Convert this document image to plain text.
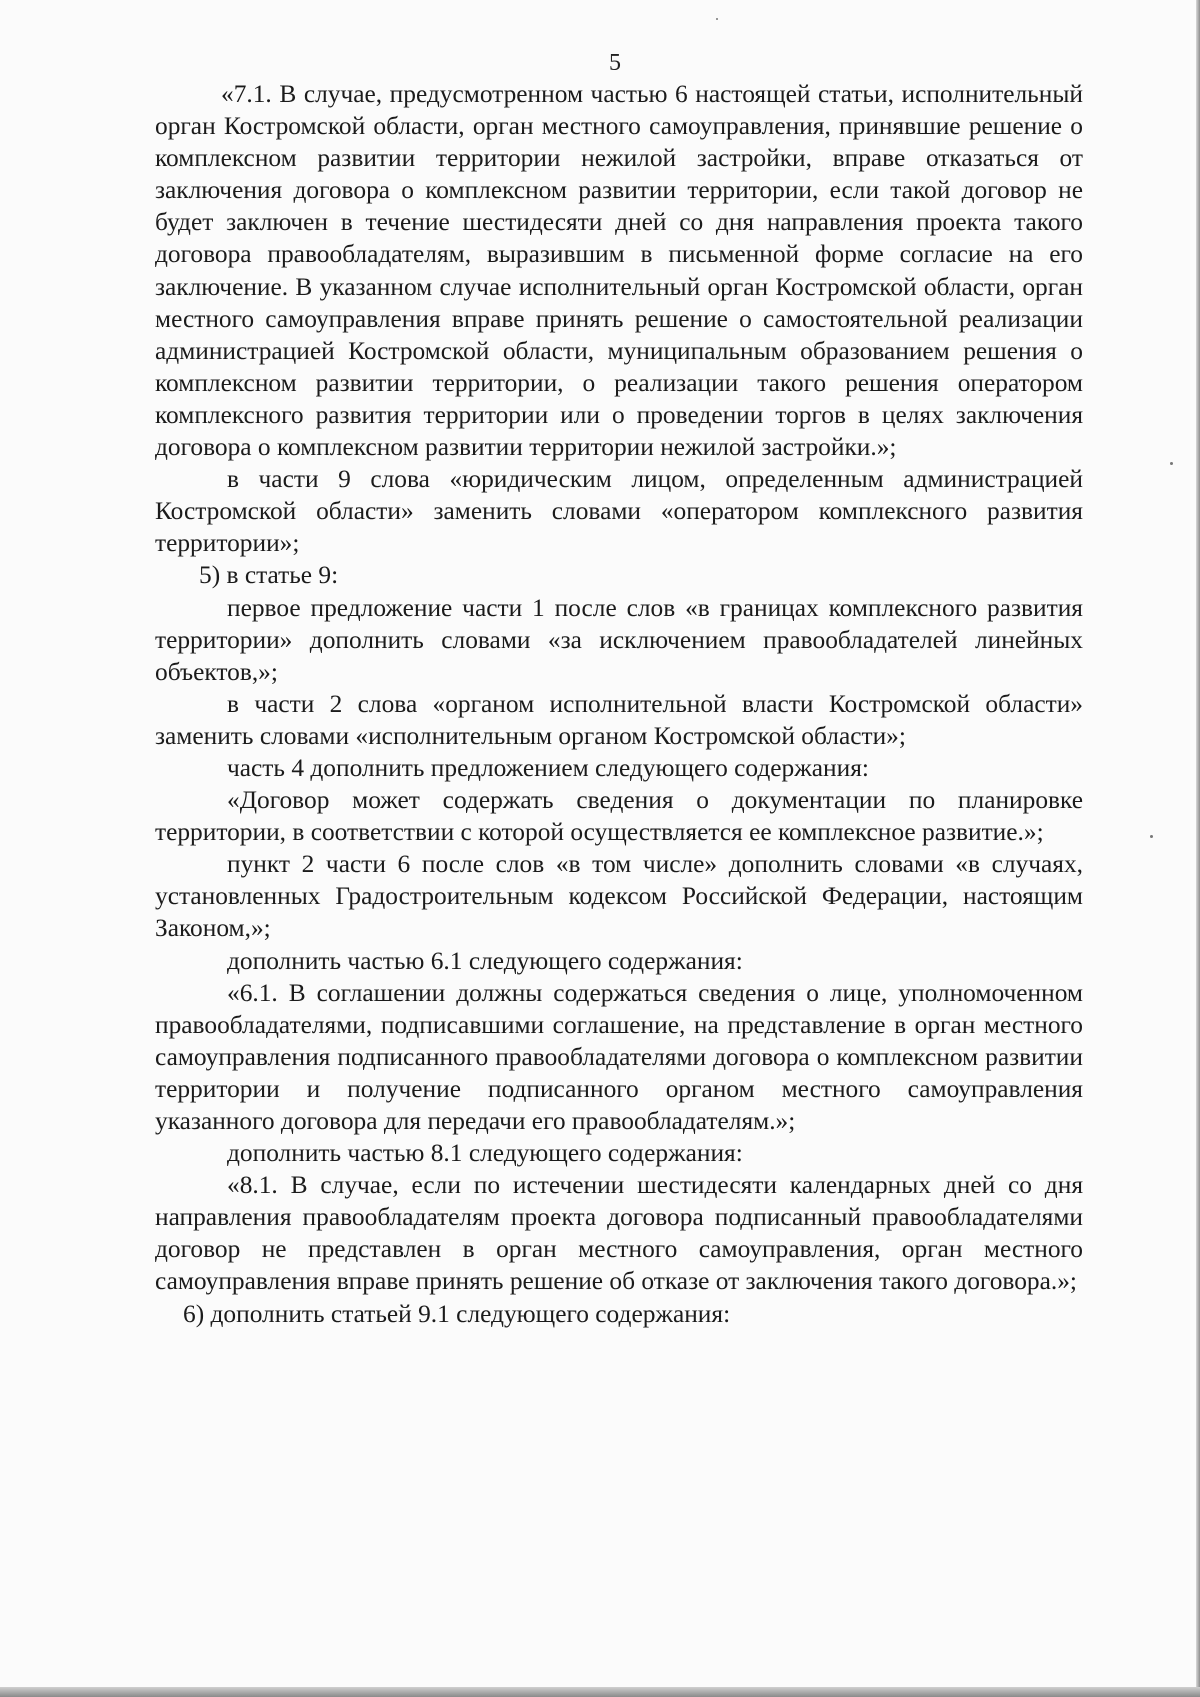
5

«7.1. В случае, предусмотренном частью 6 настоящей статьи, исполнительный орган Костромской области, орган местного самоуправления, принявшие решение о комплексном развитии территории нежилой застройки, вправе отказаться от заключения договора о комплексном развитии территории, если такой договор не будет заключен в течение шестидесяти дней со дня направления проекта такого договора правообладателям, выразившим в письменной форме согласие на его заключение. В указанном случае исполнительный орган Костромской области, орган местного самоуправления вправе принять решение о самостоятельной реализации администрацией Костромской области, муниципальным образованием решения о комплексном развитии территории, о реализации такого решения оператором комплексного развития территории или о проведении торгов в целях заключения договора о комплексном развитии территории нежилой застройки.»;

в части 9 слова «юридическим лицом, определенным администрацией Костромской области» заменить словами «оператором комплексного развития территории»;

5) в статье 9:

первое предложение части 1 после слов «в границах комплексного развития территории» дополнить словами «за исключением правообладателей линейных объектов,»;

в части 2 слова «органом исполнительной власти Костромской области» заменить словами «исполнительным органом Костромской области»;

часть 4 дополнить предложением следующего содержания:

«Договор может содержать сведения о документации по планировке территории, в соответствии с которой осуществляется ее комплексное развитие.»;

пункт 2 части 6 после слов «в том числе» дополнить словами «в случаях, установленных Градостроительным кодексом Российской Федерации, настоящим Законом,»;

дополнить частью 6.1 следующего содержания:

«6.1. В соглашении должны содержаться сведения о лице, уполномоченном правообладателями, подписавшими соглашение, на представление в орган местного самоуправления подписанного правообладателями договора о комплексном развитии территории и получение подписанного органом местного самоуправления указанного договора для передачи его правообладателям.»;

дополнить частью 8.1 следующего содержания:

«8.1. В случае, если по истечении шестидесяти календарных дней со дня направления правообладателям проекта договора подписанный правообладателями договор не представлен в орган местного самоуправления, орган местного самоуправления вправе принять решение об отказе от заключения такого договора.»;

6) дополнить статьей 9.1 следующего содержания:
